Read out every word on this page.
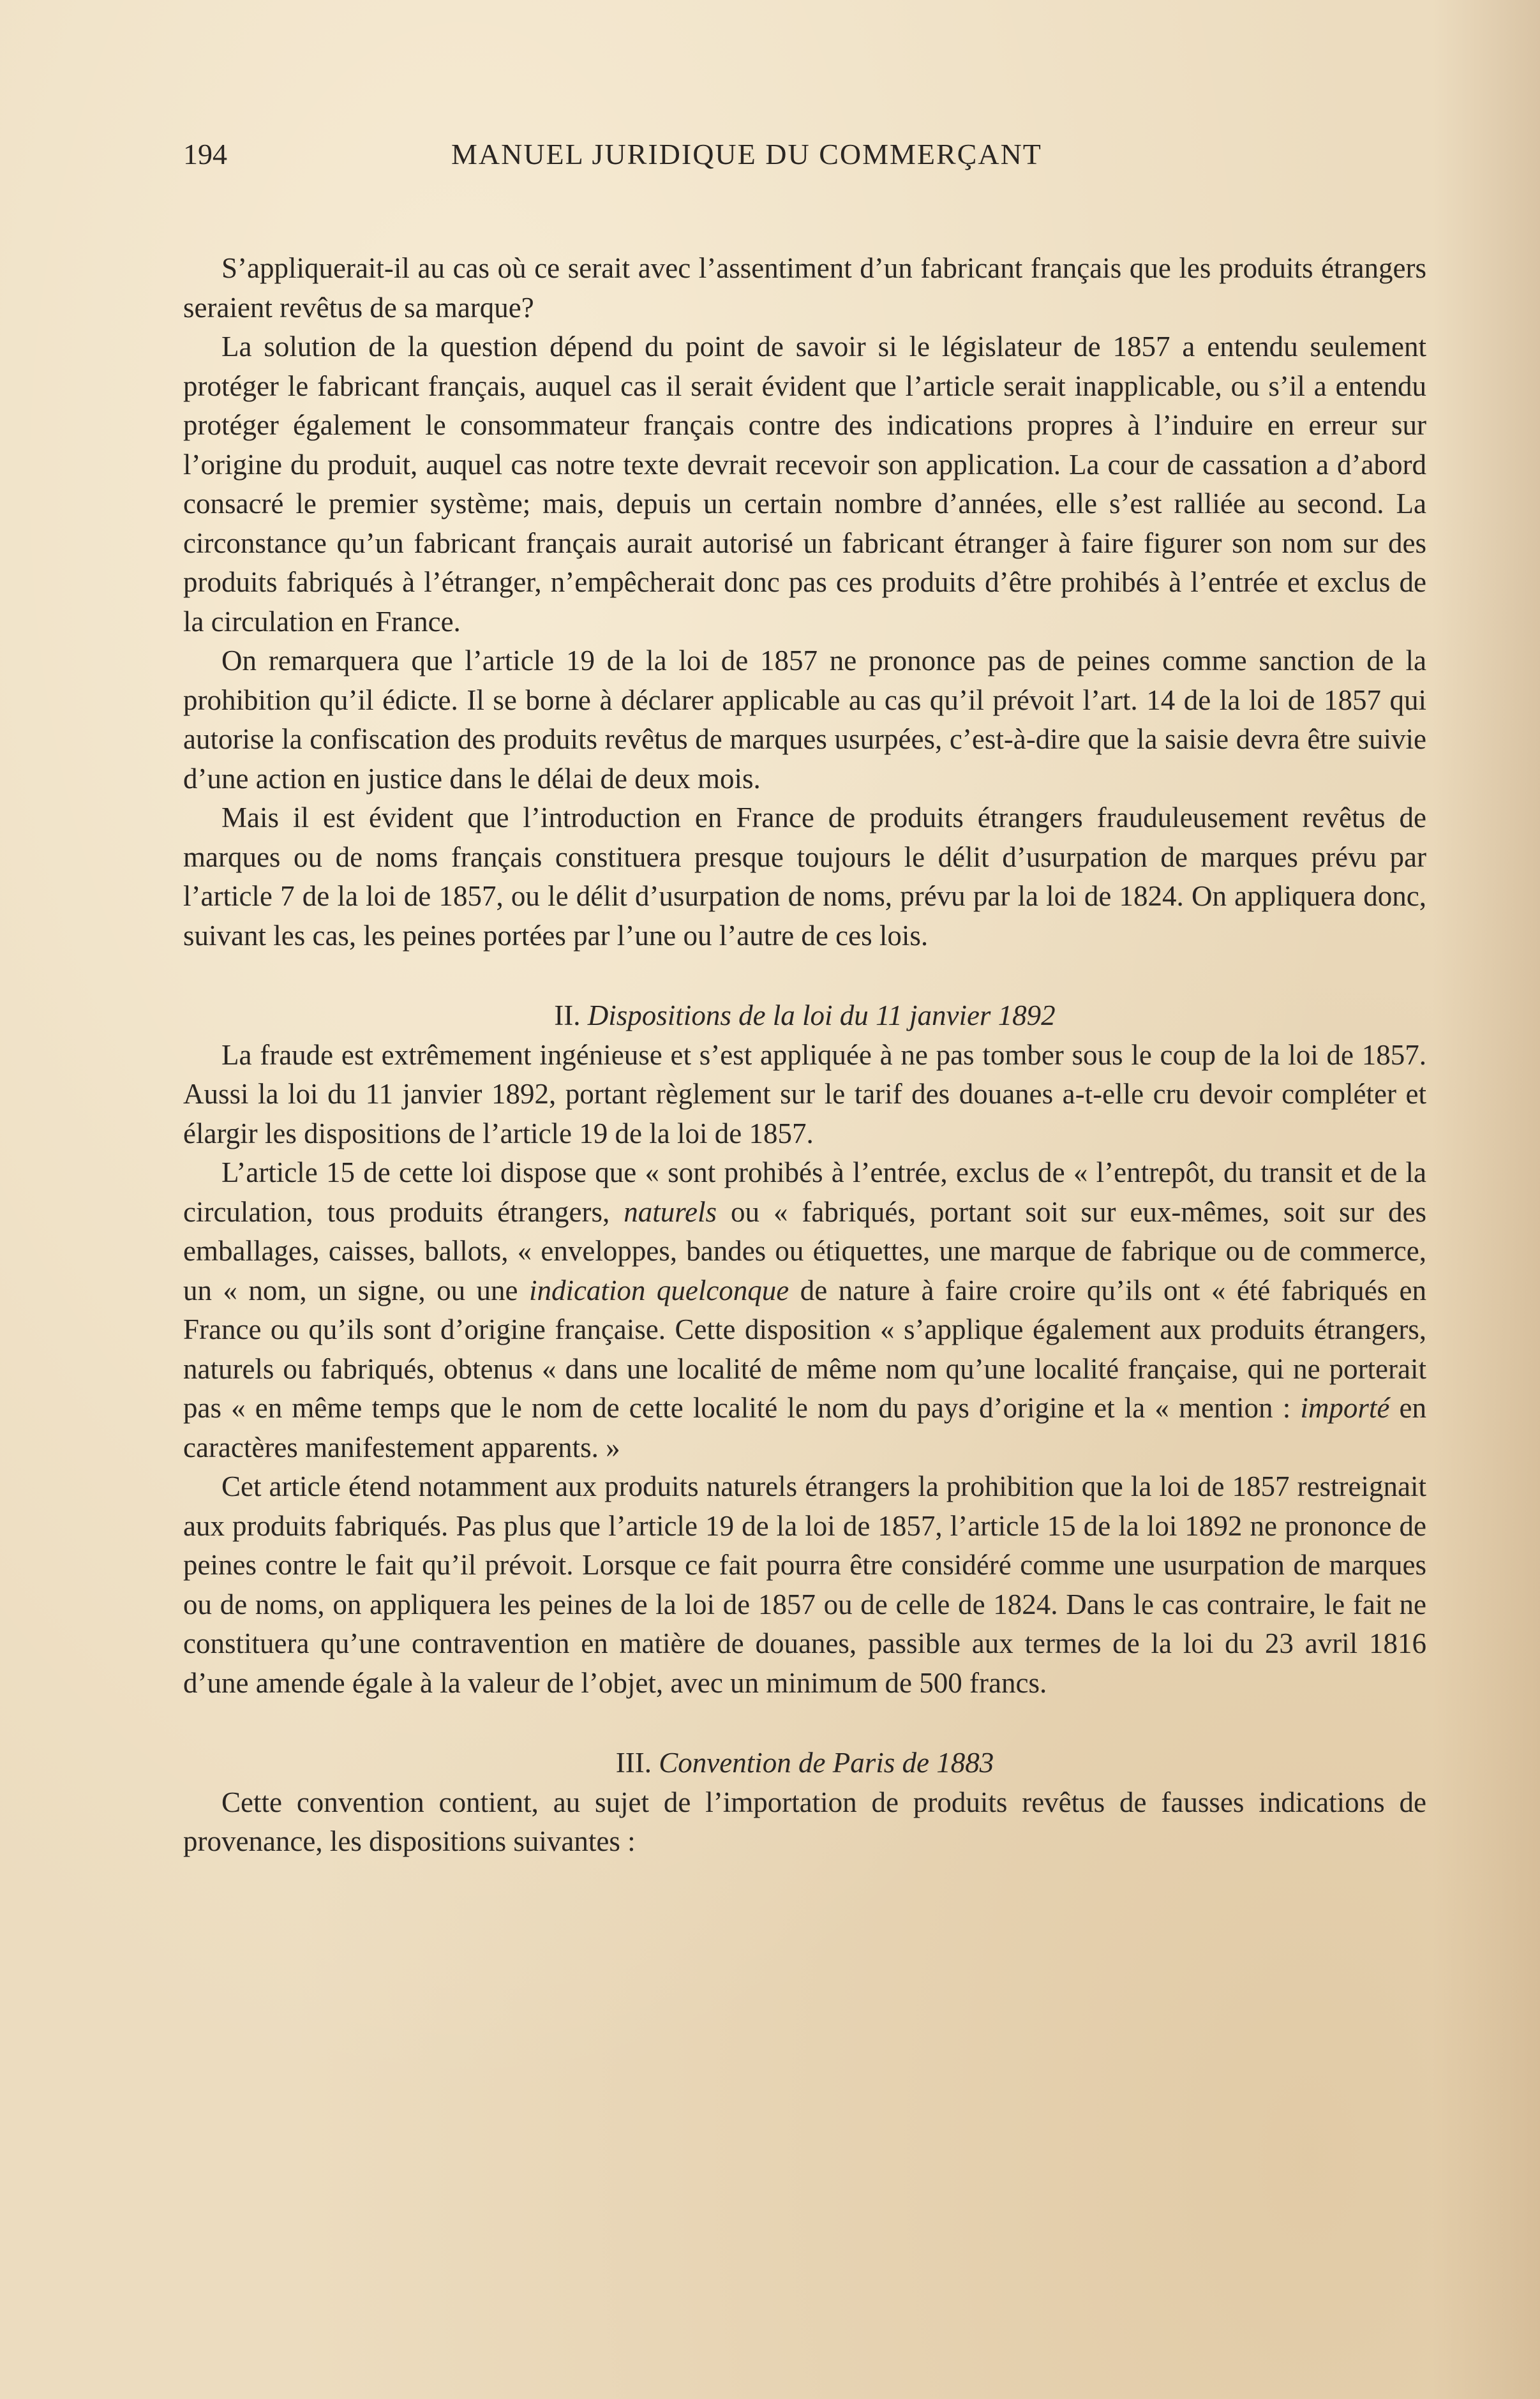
194	MANUEL JURIDIQUE DU COMMERÇANT

S’appliquerait-il au cas où ce serait avec l’assentiment d’un fabricant français que les produits étrangers seraient revêtus de sa marque?

La solution de la question dépend du point de savoir si le législateur de 1857 a entendu seulement protéger le fabricant français, auquel cas il serait évident que l’article serait inapplicable, ou s’il a entendu protéger également le consommateur français contre des indications propres à l’induire en erreur sur l’origine du produit, auquel cas notre texte devrait recevoir son application. La cour de cassation a d’abord consacré le premier système; mais, depuis un certain nombre d’années, elle s’est ralliée au second. La circonstance qu’un fabricant français aurait autorisé un fabricant étranger à faire figurer son nom sur des produits fabriqués à l’étranger, n’empêcherait donc pas ces produits d’être prohibés à l’entrée et exclus de la circulation en France.

On remarquera que l’article 19 de la loi de 1857 ne prononce pas de peines comme sanction de la prohibition qu’il édicte. Il se borne à déclarer applicable au cas qu’il prévoit l’art. 14 de la loi de 1857 qui autorise la confiscation des produits revêtus de marques usurpées, c’est-à-dire que la saisie devra être suivie d’une action en justice dans le délai de deux mois.

Mais il est évident que l’introduction en France de produits étrangers frauduleusement revêtus de marques ou de noms français constituera presque toujours le délit d’usurpation de marques prévu par l’article 7 de la loi de 1857, ou le délit d’usurpation de noms, prévu par la loi de 1824. On appliquera donc, suivant les cas, les peines portées par l’une ou l’autre de ces lois.

II. Dispositions de la loi du 11 janvier 1892

La fraude est extrêmement ingénieuse et s’est appliquée à ne pas tomber sous le coup de la loi de 1857. Aussi la loi du 11 janvier 1892, portant règlement sur le tarif des douanes a-t-elle cru devoir compléter et élargir les dispositions de l’article 19 de la loi de 1857.

L’article 15 de cette loi dispose que « sont prohibés à l’entrée, exclus de « l’entrepôt, du transit et de la circulation, tous produits étrangers, naturels ou « fabriqués, portant soit sur eux-mêmes, soit sur des emballages, caisses, ballots, « enveloppes, bandes ou étiquettes, une marque de fabrique ou de commerce, un « nom, un signe, ou une indication quelconque de nature à faire croire qu’ils ont « été fabriqués en France ou qu’ils sont d’origine française. Cette disposition « s’applique également aux produits étrangers, naturels ou fabriqués, obtenus « dans une localité de même nom qu’une localité française, qui ne porterait pas « en même temps que le nom de cette localité le nom du pays d’origine et la « mention : importé en caractères manifestement apparents. »

Cet article étend notamment aux produits naturels étrangers la prohibition que la loi de 1857 restreignait aux produits fabriqués. Pas plus que l’article 19 de la loi de 1857, l’article 15 de la loi 1892 ne prononce de peines contre le fait qu’il prévoit. Lorsque ce fait pourra être considéré comme une usurpation de marques ou de noms, on appliquera les peines de la loi de 1857 ou de celle de 1824. Dans le cas contraire, le fait ne constituera qu’une contravention en matière de douanes, passible aux termes de la loi du 23 avril 1816 d’une amende égale à la valeur de l’objet, avec un minimum de 500 francs.

III. Convention de Paris de 1883

Cette convention contient, au sujet de l’importation de produits revêtus de fausses indications de provenance, les dispositions suivantes :
